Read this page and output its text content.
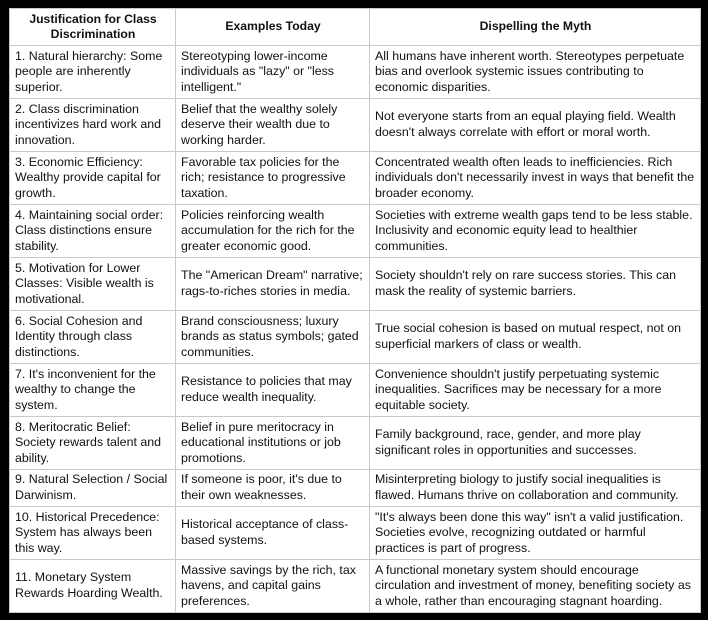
Justification for Class Discrimination	Examples Today	Dispelling the Myth
1. Natural hierarchy: Some people are inherently superior.	Stereotyping lower-income individuals as "lazy" or "less intelligent."	All humans have inherent worth. Stereotypes perpetuate bias and overlook systemic issues contributing to economic disparities.
2. Class discrimination incentivizes hard work and innovation.	Belief that the wealthy solely deserve their wealth due to working harder.	Not everyone starts from an equal playing field. Wealth doesn't always correlate with effort or moral worth.
3. Economic Efficiency: Wealthy provide capital for growth.	Favorable tax policies for the rich; resistance to progressive taxation.	Concentrated wealth often leads to inefficiencies. Rich individuals don't necessarily invest in ways that benefit the broader economy.
4. Maintaining social order: Class distinctions ensure stability.	Policies reinforcing wealth accumulation for the rich for the greater economic good.	Societies with extreme wealth gaps tend to be less stable. Inclusivity and economic equity lead to healthier communities.
5. Motivation for Lower Classes: Visible wealth is motivational.	The "American Dream" narrative; rags-to-riches stories in media.	Society shouldn't rely on rare success stories. This can mask the reality of systemic barriers.
6. Social Cohesion and Identity through class distinctions.	Brand consciousness; luxury brands as status symbols; gated communities.	True social cohesion is based on mutual respect, not on superficial markers of class or wealth.
7. It's inconvenient for the wealthy to change the system.	Resistance to policies that may reduce wealth inequality.	Convenience shouldn't justify perpetuating systemic inequalities. Sacrifices may be necessary for a more equitable society.
8. Meritocratic Belief: Society rewards talent and ability.	Belief in pure meritocracy in educational institutions or job promotions.	Family background, race, gender, and more play significant roles in opportunities and successes.
9. Natural Selection / Social Darwinism.	If someone is poor, it's due to their own weaknesses.	Misinterpreting biology to justify social inequalities is flawed. Humans thrive on collaboration and community.
10. Historical Precedence: System has always been this way.	Historical acceptance of class-based systems.	"It's always been done this way" isn't a valid justification. Societies evolve, recognizing outdated or harmful practices is part of progress.
11. Monetary System Rewards Hoarding Wealth.	Massive savings by the rich, tax havens, and capital gains preferences.	A functional monetary system should encourage circulation and investment of money, benefiting society as a whole, rather than encouraging stagnant hoarding.
